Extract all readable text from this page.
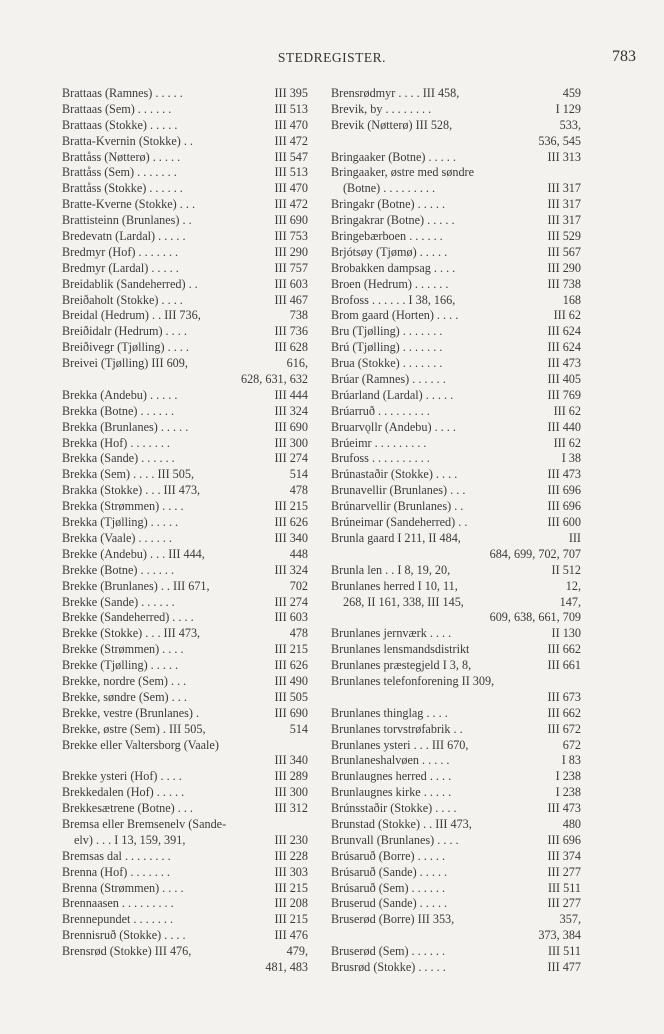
STEDREGISTER.	783
Brattaas (Ramnes) . . . . .	III 395
Brattaas (Sem) . . . . . .	III 513
Brattaas (Stokke) . . . . .	III 470
Bratta-Kvernin (Stokke) . .	III 472
Brattåss (Nøtterø) . . . . .	III 547
Brattåss (Sem) . . . . . . .	III 513
Brattåss (Stokke) . . . . . .	III 470
Bratte-Kverne (Stokke) . . .	III 472
Brattisteinn (Brunlanes) . .	III 690
Bredevatn (Lardal) . . . . .	III 753
Bredmyr (Hof) . . . . . . .	III 290
Bredmyr (Lardal) . . . . .	III 757
Breidablik (Sandeherred) . .	III 603
Breiðaholt (Stokke) . . . .	III 467
Breidal (Hedrum) . . III 736,	738
Breiðidalr (Hedrum) . . . .	III 736
Breiðivegr (Tjølling) . . . .	III 628
Breivei (Tjølling) III 609,	616,
628, 631, 632
Brekka (Andebu) . . . . .	III 444
Brekka (Botne) . . . . . .	III 324
Brekka (Brunlanes) . . . . .	III 690
Brekka (Hof) . . . . . . .	III 300
Brekka (Sande) . . . . . .	III 274
Brekka (Sem) . . . . III 505,	514
Brakka (Stokke) . . . III 473,	478
Brekka (Strømmen) . . . .	III 215
Brekka (Tjølling) . . . . .	III 626
Brekka (Vaale) . . . . . .	III 340
Brekke (Andebu) . . . III 444,	448
Brekke (Botne) . . . . . .	III 324
Brekke (Brunlanes) . . III 671,	702
Brekke (Sande) . . . . . .	III 274
Brekke (Sandeherred) . . . .	III 603
Brekke (Stokke) . . . III 473,	478
Brekke (Strømmen) . . . .	III 215
Brekke (Tjølling) . . . . .	III 626
Brekke, nordre (Sem) . . .	III 490
Brekke, søndre (Sem) . . .	III 505
Brekke, vestre (Brunlanes) .	III 690
Brekke, østre (Sem) . III 505,	514
Brekke eller Valtersborg (Vaale)
III 340
Brekke ysteri (Hof) . . . .	III 289
Brekkedalen (Hof) . . . . .	III 300
Brekkesætrene (Botne) . . .	III 312
Bremsa eller Bremsenelv (Sande-
elv) . . . I 13, 159, 391,	III 230
Bremsas dal . . . . . . . .	III 228
Brenna (Hof) . . . . . . .	III 303
Brenna (Strømmen) . . . .	III 215
Brennaasen . . . . . . . . .	III 208
Brennepundet . . . . . . .	III 215
Brennisruð (Stokke) . . . .	III 476
Brensrød (Stokke) III 476,	479,
481, 483
Brensrødmyr . . . . III 458,	459
Brevik, by . . . . . . . .	I 129
Brevik (Nøtterø) III 528,	533,
536, 545
Bringaaker (Botne) . . . . .	III 313
Bringaaker, østre med søndre
(Botne) . . . . . . . . .	III 317
Bringakr (Botne) . . . . .	III 317
Bringakrar (Botne) . . . . .	III 317
Bringebærboen . . . . . .	III 529
Brjótsøy (Tjømø) . . . . .	III 567
Brobakken dampsag . . . .	III 290
Broen (Hedrum) . . . . . .	III 738
Brofoss . . . . . . I 38, 166,	168
Brom gaard (Horten) . . . .	III 62
Bru (Tjølling) . . . . . . .	III 624
Brú (Tjølling) . . . . . . .	III 624
Brua (Stokke) . . . . . . .	III 473
Brúar (Ramnes) . . . . . .	III 405
Brúarland (Lardal) . . . . .	III 769
Brúarruð . . . . . . . . .	III 62
Bruarvǫllr (Andebu) . . . .	III 440
Brúeimr . . . . . . . . .	III 62
Brufoss . . . . . . . . . .	I 38
Brúnastaðir (Stokke) . . . .	III 473
Brunavellir (Brunlanes) . . .	III 696
Brúnarvellir (Brunlanes) . .	III 696
Brúneimar (Sandeherred) . .	III 600
Brunla gaard I 211, II 484,	III
684, 699, 702, 707
Brunla len . . I 8, 19, 20,	II 512
Brunlanes herred I 10, 11,	12,
268, II 161, 338, III 145,	147,
609, 638, 661, 709
Brunlanes jernværk . . . .	II 130
Brunlanes lensmandsdistrikt	III 662
Brunlanes præstegjeld I 3, 8,	III 661
Brunlanes telefonforening II 309,
III 673
Brunlanes thinglag . . . .	III 662
Brunlanes torvstrøfabrik . .	III 672
Brunlanes ysteri . . . III 670,	672
Brunlaneshalvøen . . . . .	I 83
Brunlaugnes herred . . . .	I 238
Brunlaugnes kirke . . . . .	I 238
Brúnsstaðir (Stokke) . . . .	III 473
Brunstad (Stokke) . . III 473,	480
Brunvall (Brunlanes) . . . .	III 696
Brúsaruð (Borre) . . . . .	III 374
Brúsaruð (Sande) . . . . .	III 277
Brúsaruð (Sem) . . . . . .	III 511
Bruserud (Sande) . . . . .	III 277
Bruserød (Borre) III 353,	357,
373, 384
Bruserød (Sem) . . . . . .	III 511
Brusrød (Stokke) . . . . .	III 477
